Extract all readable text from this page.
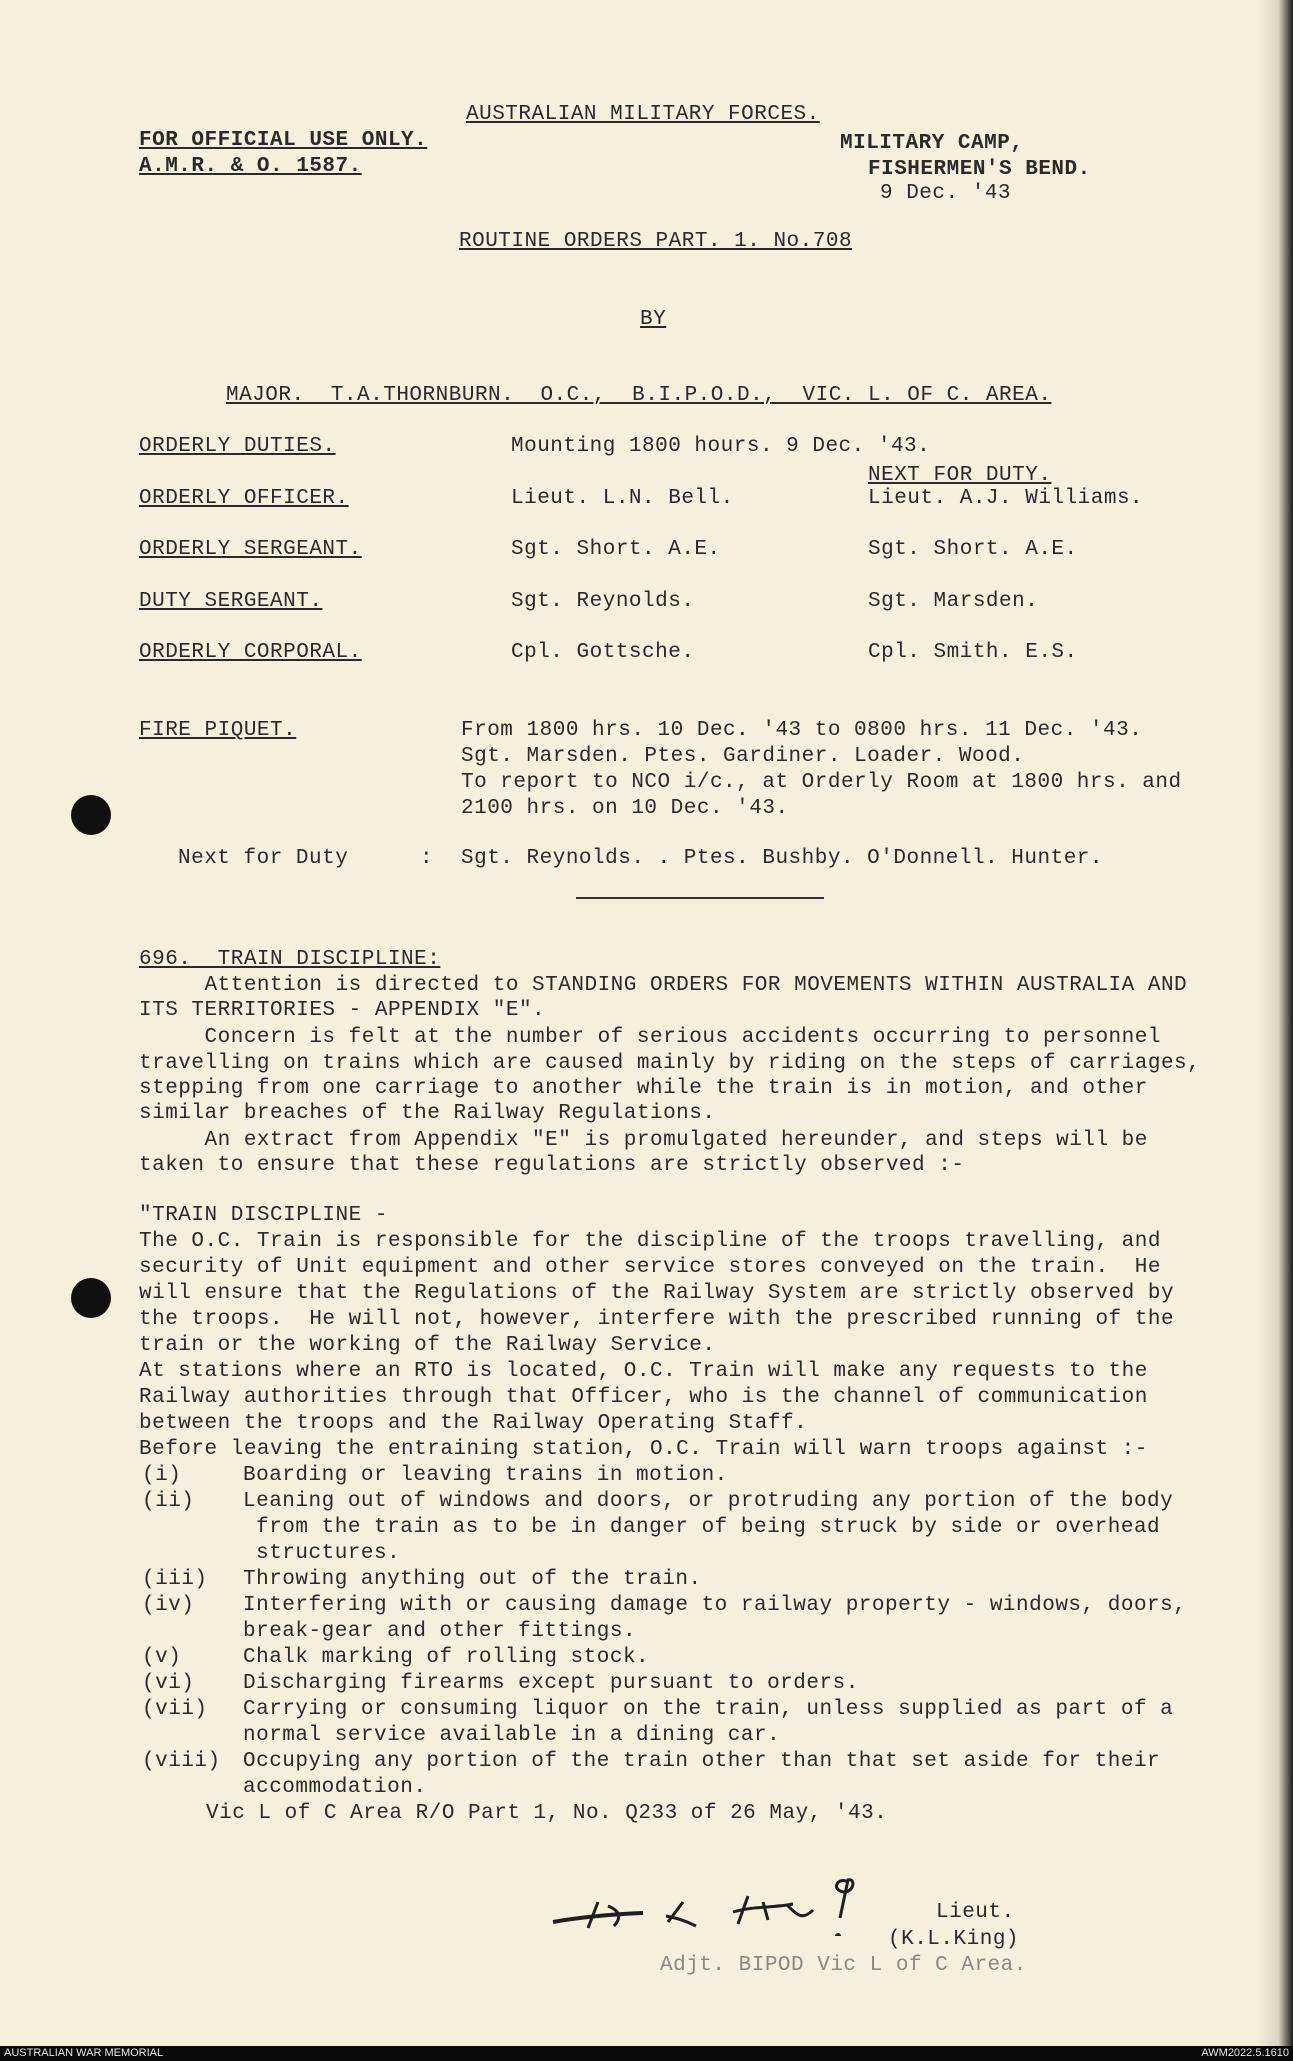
AUSTRALIAN MILITARY FORCES.
FOR OFFICIAL USE ONLY.
A.M.R. & O. 1587.
MILITARY CAMP,
FISHERMEN'S BEND.
9 Dec. '43
ROUTINE ORDERS PART. 1. No.708
BY
MAJOR.  T.A.THORNBURN.  O.C.,  B.I.P.O.D.,  VIC. L. OF C. AREA.
NEXT FOR DUTY.
ORDERLY DUTIES.	Mounting 1800 hours. 9 Dec. '43.
ORDERLY OFFICER.	Lieut. L.N. Bell.	Lieut. A.J. Williams.
ORDERLY SERGEANT.	Sgt. Short. A.E.	Sgt. Short. A.E.
DUTY SERGEANT.	Sgt. Reynolds.	Sgt. Marsden.
ORDERLY CORPORAL.	Cpl. Gottsche.	Cpl. Smith. E.S.
FIRE PIQUET.	From 1800 hrs. 10 Dec. '43 to 0800 hrs. 11 Dec. '43.
Sgt. Marsden. Ptes. Gardiner. Loader. Wood.
To report to NCO i/c., at Orderly Room at 1800 hrs. and
2100 hrs. on 10 Dec. '43.
Next for Duty	: Sgt. Reynolds. . Ptes. Bushby. O'Donnell. Hunter.
696.  TRAIN DISCIPLINE:
Attention is directed to STANDING ORDERS FOR MOVEMENTS WITHIN AUSTRALIA AND
ITS TERRITORIES - APPENDIX "E".
Concern is felt at the number of serious accidents occurring to personnel
travelling on trains which are caused mainly by riding on the steps of carriages,
stepping from one carriage to another while the train is in motion, and other
similar breaches of the Railway Regulations.
An extract from Appendix "E" is promulgated hereunder, and steps will be
taken to ensure that these regulations are strictly observed :-
"TRAIN DISCIPLINE -
The O.C. Train is responsible for the discipline of the troops travelling, and
security of Unit equipment and other service stores conveyed on the train.  He
will ensure that the Regulations of the Railway System are strictly observed by
the troops.  He will not, however, interfere with the prescribed running of the
train or the working of the Railway Service.
At stations where an RTO is located, O.C. Train will make any requests to the
Railway authorities through that Officer, who is the channel of communication
between the troops and the Railway Operating Staff.
Before leaving the entraining station, O.C. Train will warn troops against :-
(i)	Boarding or leaving trains in motion.
(ii) Leaning out of windows and doors, or protruding any portion of the body
from the train as to be in danger of being struck by side or overhead
structures.
(iii) Throwing anything out of the train.
(iv) Interfering with or causing damage to railway property - windows, doors,
break-gear and other fittings.
(v)	Chalk marking of rolling stock.
(vi) Discharging firearms except pursuant to orders.
(vii) Carrying or consuming liquor on the train, unless supplied as part of a
normal service available in a dining car.
(viii) Occupying any portion of the train other than that set aside for their
accommodation.
Vic L of C Area R/O Part 1, No. Q233 of 26 May, '43.
Lieut.
(K.L.King)
Adjt. BIPOD Vic L of C Area.
AUSTRALIAN WAR MEMORIAL	AWM2022.5.1610
